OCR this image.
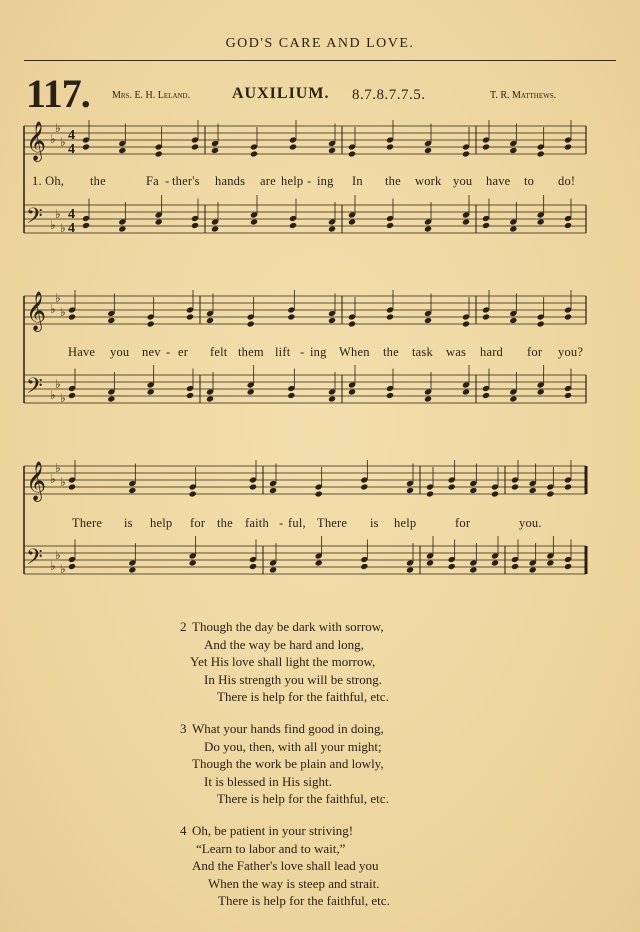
GOD'S CARE AND LOVE.
117. Mrs. E. H. Leland.	AUXILIUM. 8.7.8.7.7.5.	T. R. Matthews.
𝄞
𝄢
♭
♭
♭
♭
♭
♭
4
4
4
4
𝄞
𝄢
♭
♭
♭
♭
♭
♭
𝄞
𝄢
♭
♭
♭
♭
♭
♭
1. Oh, the	Fa - ther's hands are help - ing In the work you have to do!
Have you nev - er felt them lift - ing When the task was hard for you?
There is help for the faith - ful, There is help	for	you.
2 Though the day be dark with sorrow,
And the way be hard and long,
Yet His love shall light the morrow,
In His strength you will be strong.
There is help for the faithful, etc.
3 What your hands find good in doing,
Do you, then, with all your might;
Though the work be plain and lowly,
It is blessed in His sight.
There is help for the faithful, etc.
4 Oh, be patient in your striving!
“Learn to labor and to wait,”
And the Father's love shall lead you
When the way is steep and strait.
There is help for the faithful, etc.
